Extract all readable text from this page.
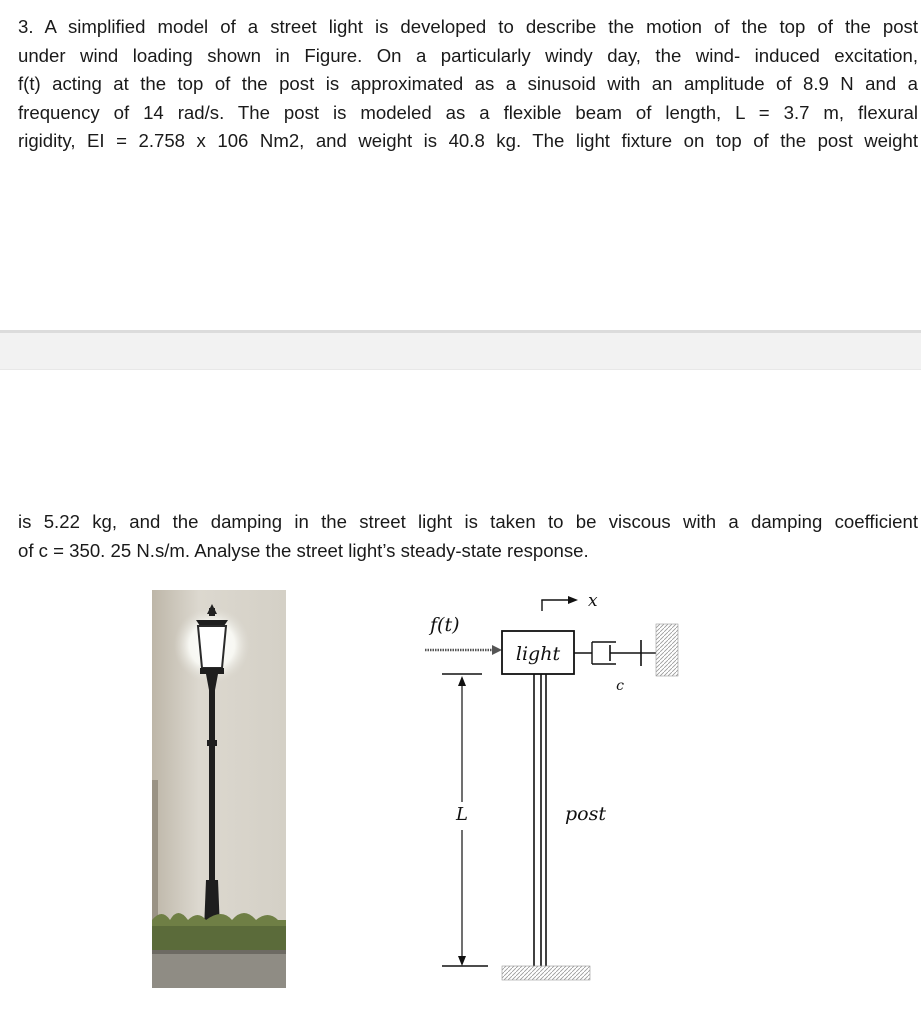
3. A simplified model of a street light is developed to describe the motion of the top of the post
under wind loading shown in Figure. On a particularly windy day, the wind- induced excitation,
f(t) acting at the top of the post is approximated as a sinusoid with an amplitude of 8.9 N and a
frequency of 14 rad/s. The post is modeled as a flexible beam of length, L = 3.7 m, flexural
rigidity, EI = 2.758 x 106 Nm2, and weight is 40.8 kg. The light fixture on top of the post weight
is 5.22 kg, and the damping in the street light is taken to be viscous with a damping coefficient
of c = 350. 25 N.s/m. Analyse the street light’s steady-state response.
x
f(t)
light
c
post
L
